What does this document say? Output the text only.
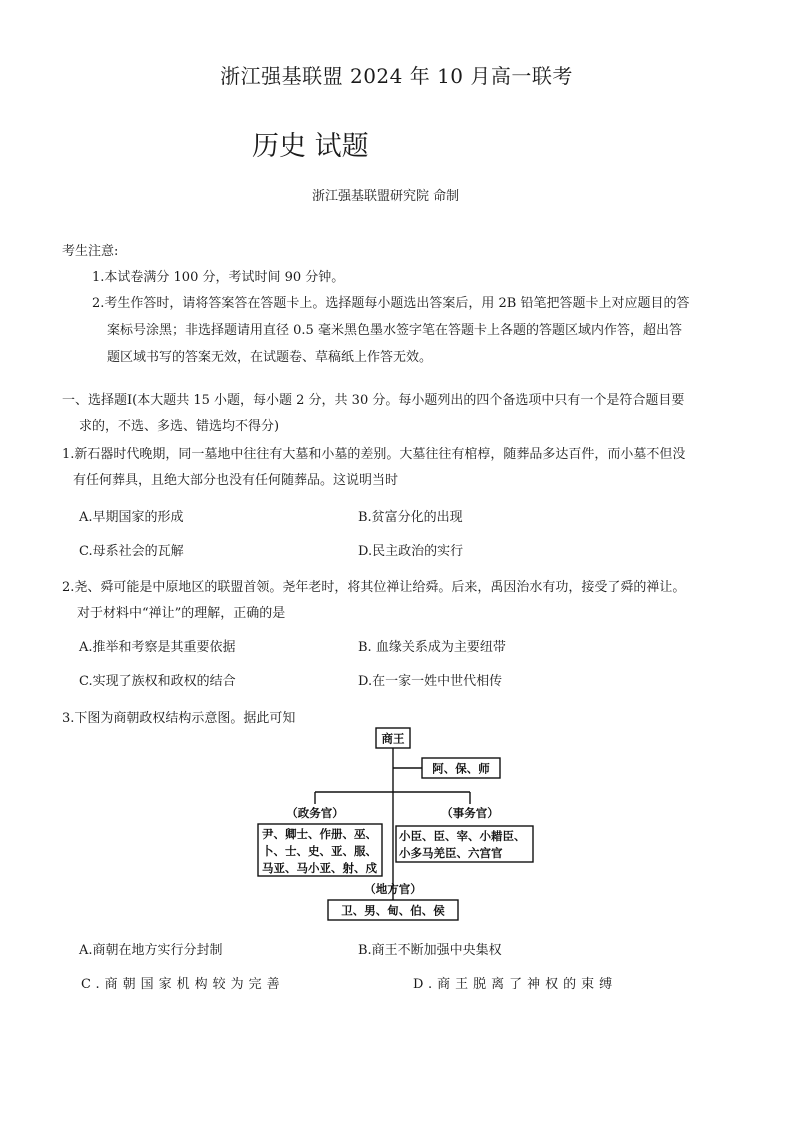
浙江强基联盟 2024 年 10 月高一联考
历史 试题
浙江强基联盟研究院 命制
考生注意:
1.本试卷满分 100 分，考试时间 90 分钟。
2.考生作答时，请将答案答在答题卡上。选择题每小题选出答案后，用 2B 铅笔把答题卡上对应题目的答
案标号涂黑；非选择题请用直径 0.5 毫米黑色墨水签字笔在答题卡上各题的答题区域内作答，超出答
题区域书写的答案无效，在试题卷、草稿纸上作答无效。
一、选择题Ⅰ(本大题共 15 小题，每小题 2 分，共 30 分。每小题列出的四个备选项中只有一个是符合题目要
求的，不选、多选、错选均不得分)
1.新石器时代晚期，同一墓地中往往有大墓和小墓的差别。大墓往往有棺椁，随葬品多达百件，而小墓不但没
有任何葬具，且绝大部分也没有任何随葬品。这说明当时
A.早期国家的形成	B.贫富分化的出现
C.母系社会的瓦解	D.民主政治的实行
2.尧、舜可能是中原地区的联盟首领。尧年老时，将其位禅让给舜。后来，禹因治水有功，接受了舜的禅让。
对于材料中“禅让”的理解，正确的是
A.推举和考察是其重要依据	B. 血缘关系成为主要纽带
C.实现了族权和政权的结合	D.在一家一姓中世代相传
3.下图为商朝政权结构示意图。据此可知
商王
阿、保、师
（政务官）	（事务官）
尹、卿士、作册、巫、
卜、士、史、亚、服、
马亚、马小亚、射、戍
小臣、臣、宰、小耤臣、
小多马羌臣、六宫官
（地方官）
卫、男、甸、伯、侯
A.商朝在地方实行分封制	B.商王不断加强中央集权
C.商朝国家机构较为完善	D.商王脱离了神权的束缚
